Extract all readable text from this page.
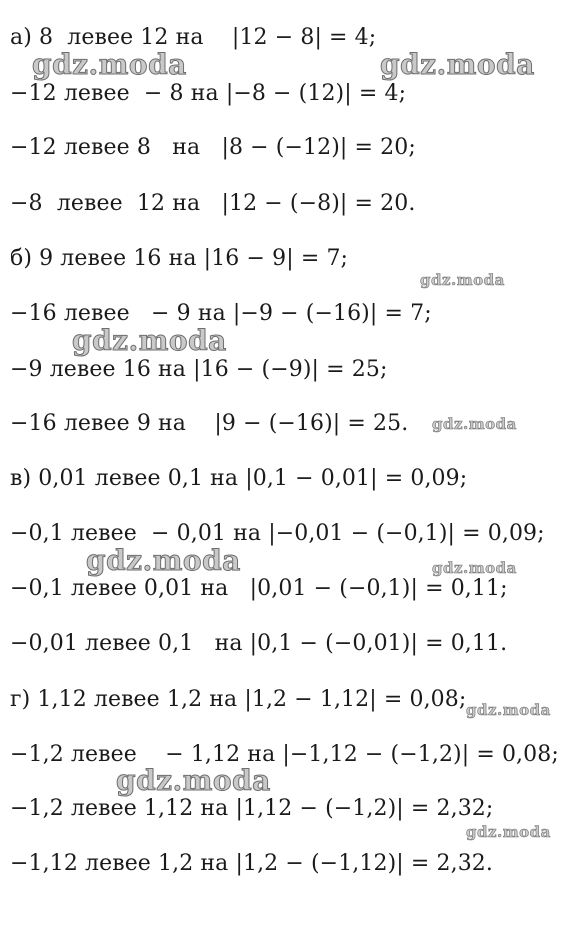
а) 8  левее 12 на    |12 − 8| = 4;
−12 левее  − 8 на |−8 − (12)| = 4;
−12 левее 8   на   |8 − (−12)| = 20;
−8  левее  12 на   |12 − (−8)| = 20.
б) 9 левее 16 на |16 − 9| = 7;
−16 левее   − 9 на |−9 − (−16)| = 7;
−9 левее 16 на |16 − (−9)| = 25;
−16 левее 9 на    |9 − (−16)| = 25.
в) 0,01 левее 0,1 на |0,1 − 0,01| = 0,09;
−0,1 левее  − 0,01 на |−0,01 − (−0,1)| = 0,09;
−0,1 левее 0,01 на   |0,01 − (−0,1)| = 0,11;
−0,01 левее 0,1   на |0,1 − (−0,01)| = 0,11.
г) 1,12 левее 1,2 на |1,2 − 1,12| = 0,08;
−1,2 левее    − 1,12 на |−1,12 − (−1,2)| = 0,08;
−1,2 левее 1,12 на |1,12 − (−1,2)| = 2,32;
−1,12 левее 1,2 на |1,2 − (−1,12)| = 2,32.
gdz.moda	gdz.moda
gdz.moda
gdz.moda
gdz.moda
gdz.moda	gdz.moda
gdz.moda
gdz.moda
gdz.moda
